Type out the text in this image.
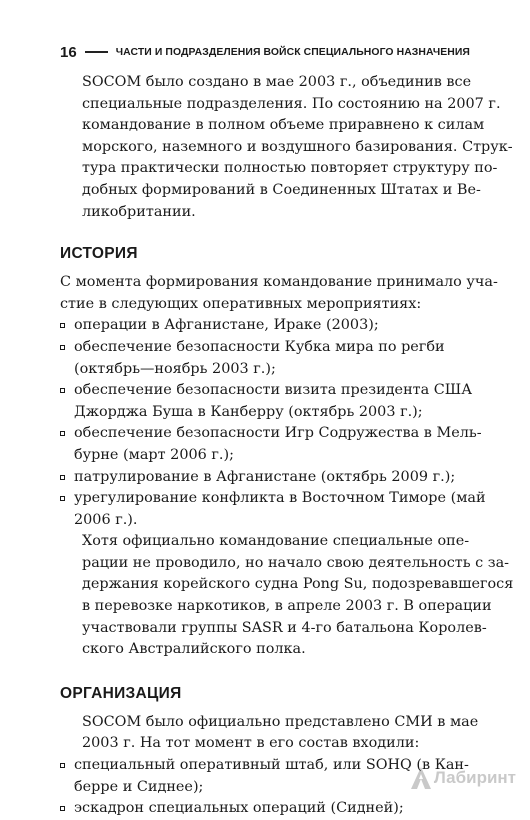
16	ЧАСТИ И ПОДРАЗДЕЛЕНИЯ ВОЙСК СПЕЦИАЛЬНОГО НАЗНАЧЕНИЯ

SOCOM было создано в мае 2003 г., объединив все
специальные подразделения. По состоянию на 2007 г.
командование в полном объеме приравнено к силам
морского, наземного и воздушного базирования. Струк-
тура практически полностью повторяет структуру по-
добных формирований в Соединенных Штатах и Ве-
ликобритании.

ИСТОРИЯ

С момента формирования командование принимало уча-
стие в следующих оперативных мероприятиях:

операции в Афганистане, Ираке (2003);
обеспечение безопасности Кубка мира по регби
(октябрь—ноябрь 2003 г.);
обеспечение безопасности визита президента США
Джорджа Буша в Канберру (октябрь 2003 г.);
обеспечение безопасности Игр Содружества в Мель-
бурне (март 2006 г.);
патрулирование в Афганистане (октябрь 2009 г.);
урегулирование конфликта в Восточном Тиморе (май
2006 г.).

Хотя официально командование специальные опе-
рации не проводило, но начало свою деятельность с за-
держания корейского судна Pong Su, подозревавшегося
в перевозке наркотиков, в апреле 2003 г. В операции
участвовали группы SASR и 4-го батальона Королев-
ского Австралийского полка.

ОРГАНИЗАЦИЯ

SOCOM было официально представлено СМИ в мае
2003 г. На тот момент в его состав входили:

специальный оперативный штаб, или SOHQ (в Кан-
берре и Сиднее);
эскадрон специальных операций (Сидней);
Лабиринт
